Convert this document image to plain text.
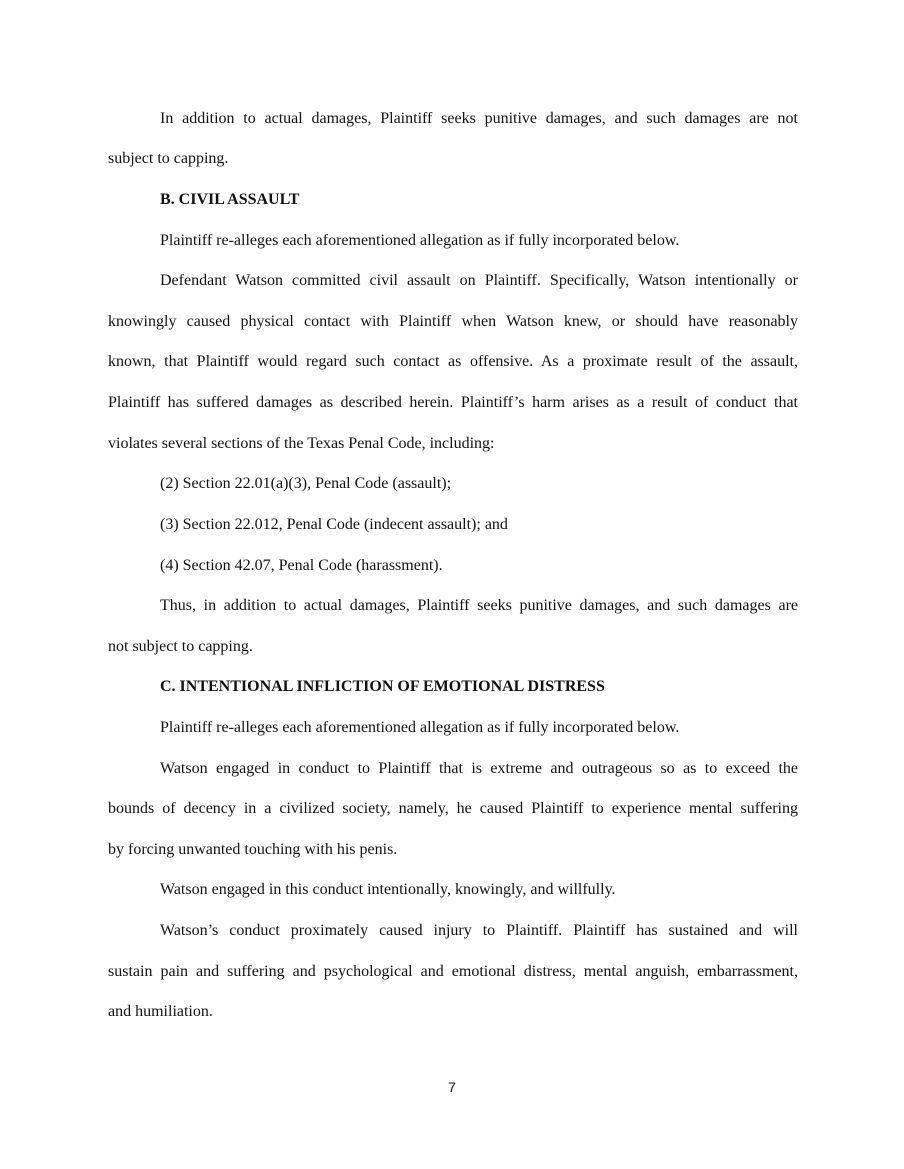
In addition to actual damages, Plaintiff seeks punitive damages, and such damages are not
subject to capping.
B. CIVIL ASSAULT
Plaintiff re-alleges each aforementioned allegation as if fully incorporated below.
Defendant Watson committed civil assault on Plaintiff. Specifically, Watson intentionally or
knowingly caused physical contact with Plaintiff when Watson knew, or should have reasonably
known, that Plaintiff would regard such contact as offensive. As a proximate result of the assault,
Plaintiff has suffered damages as described herein. Plaintiff’s harm arises as a result of conduct that
violates several sections of the Texas Penal Code, including:
(2) Section 22.01(a)(3), Penal Code (assault);
(3) Section 22.012, Penal Code (indecent assault); and
(4) Section 42.07, Penal Code (harassment).
Thus, in addition to actual damages, Plaintiff seeks punitive damages, and such damages are
not subject to capping.
C. INTENTIONAL INFLICTION OF EMOTIONAL DISTRESS
Plaintiff re-alleges each aforementioned allegation as if fully incorporated below.
Watson engaged in conduct to Plaintiff that is extreme and outrageous so as to exceed the
bounds of decency in a civilized society, namely, he caused Plaintiff to experience mental suffering
by forcing unwanted touching with his penis.
Watson engaged in this conduct intentionally, knowingly, and willfully.
Watson’s conduct proximately caused injury to Plaintiff. Plaintiff has sustained and will
sustain pain and suffering and psychological and emotional distress, mental anguish, embarrassment,
and humiliation.
7
